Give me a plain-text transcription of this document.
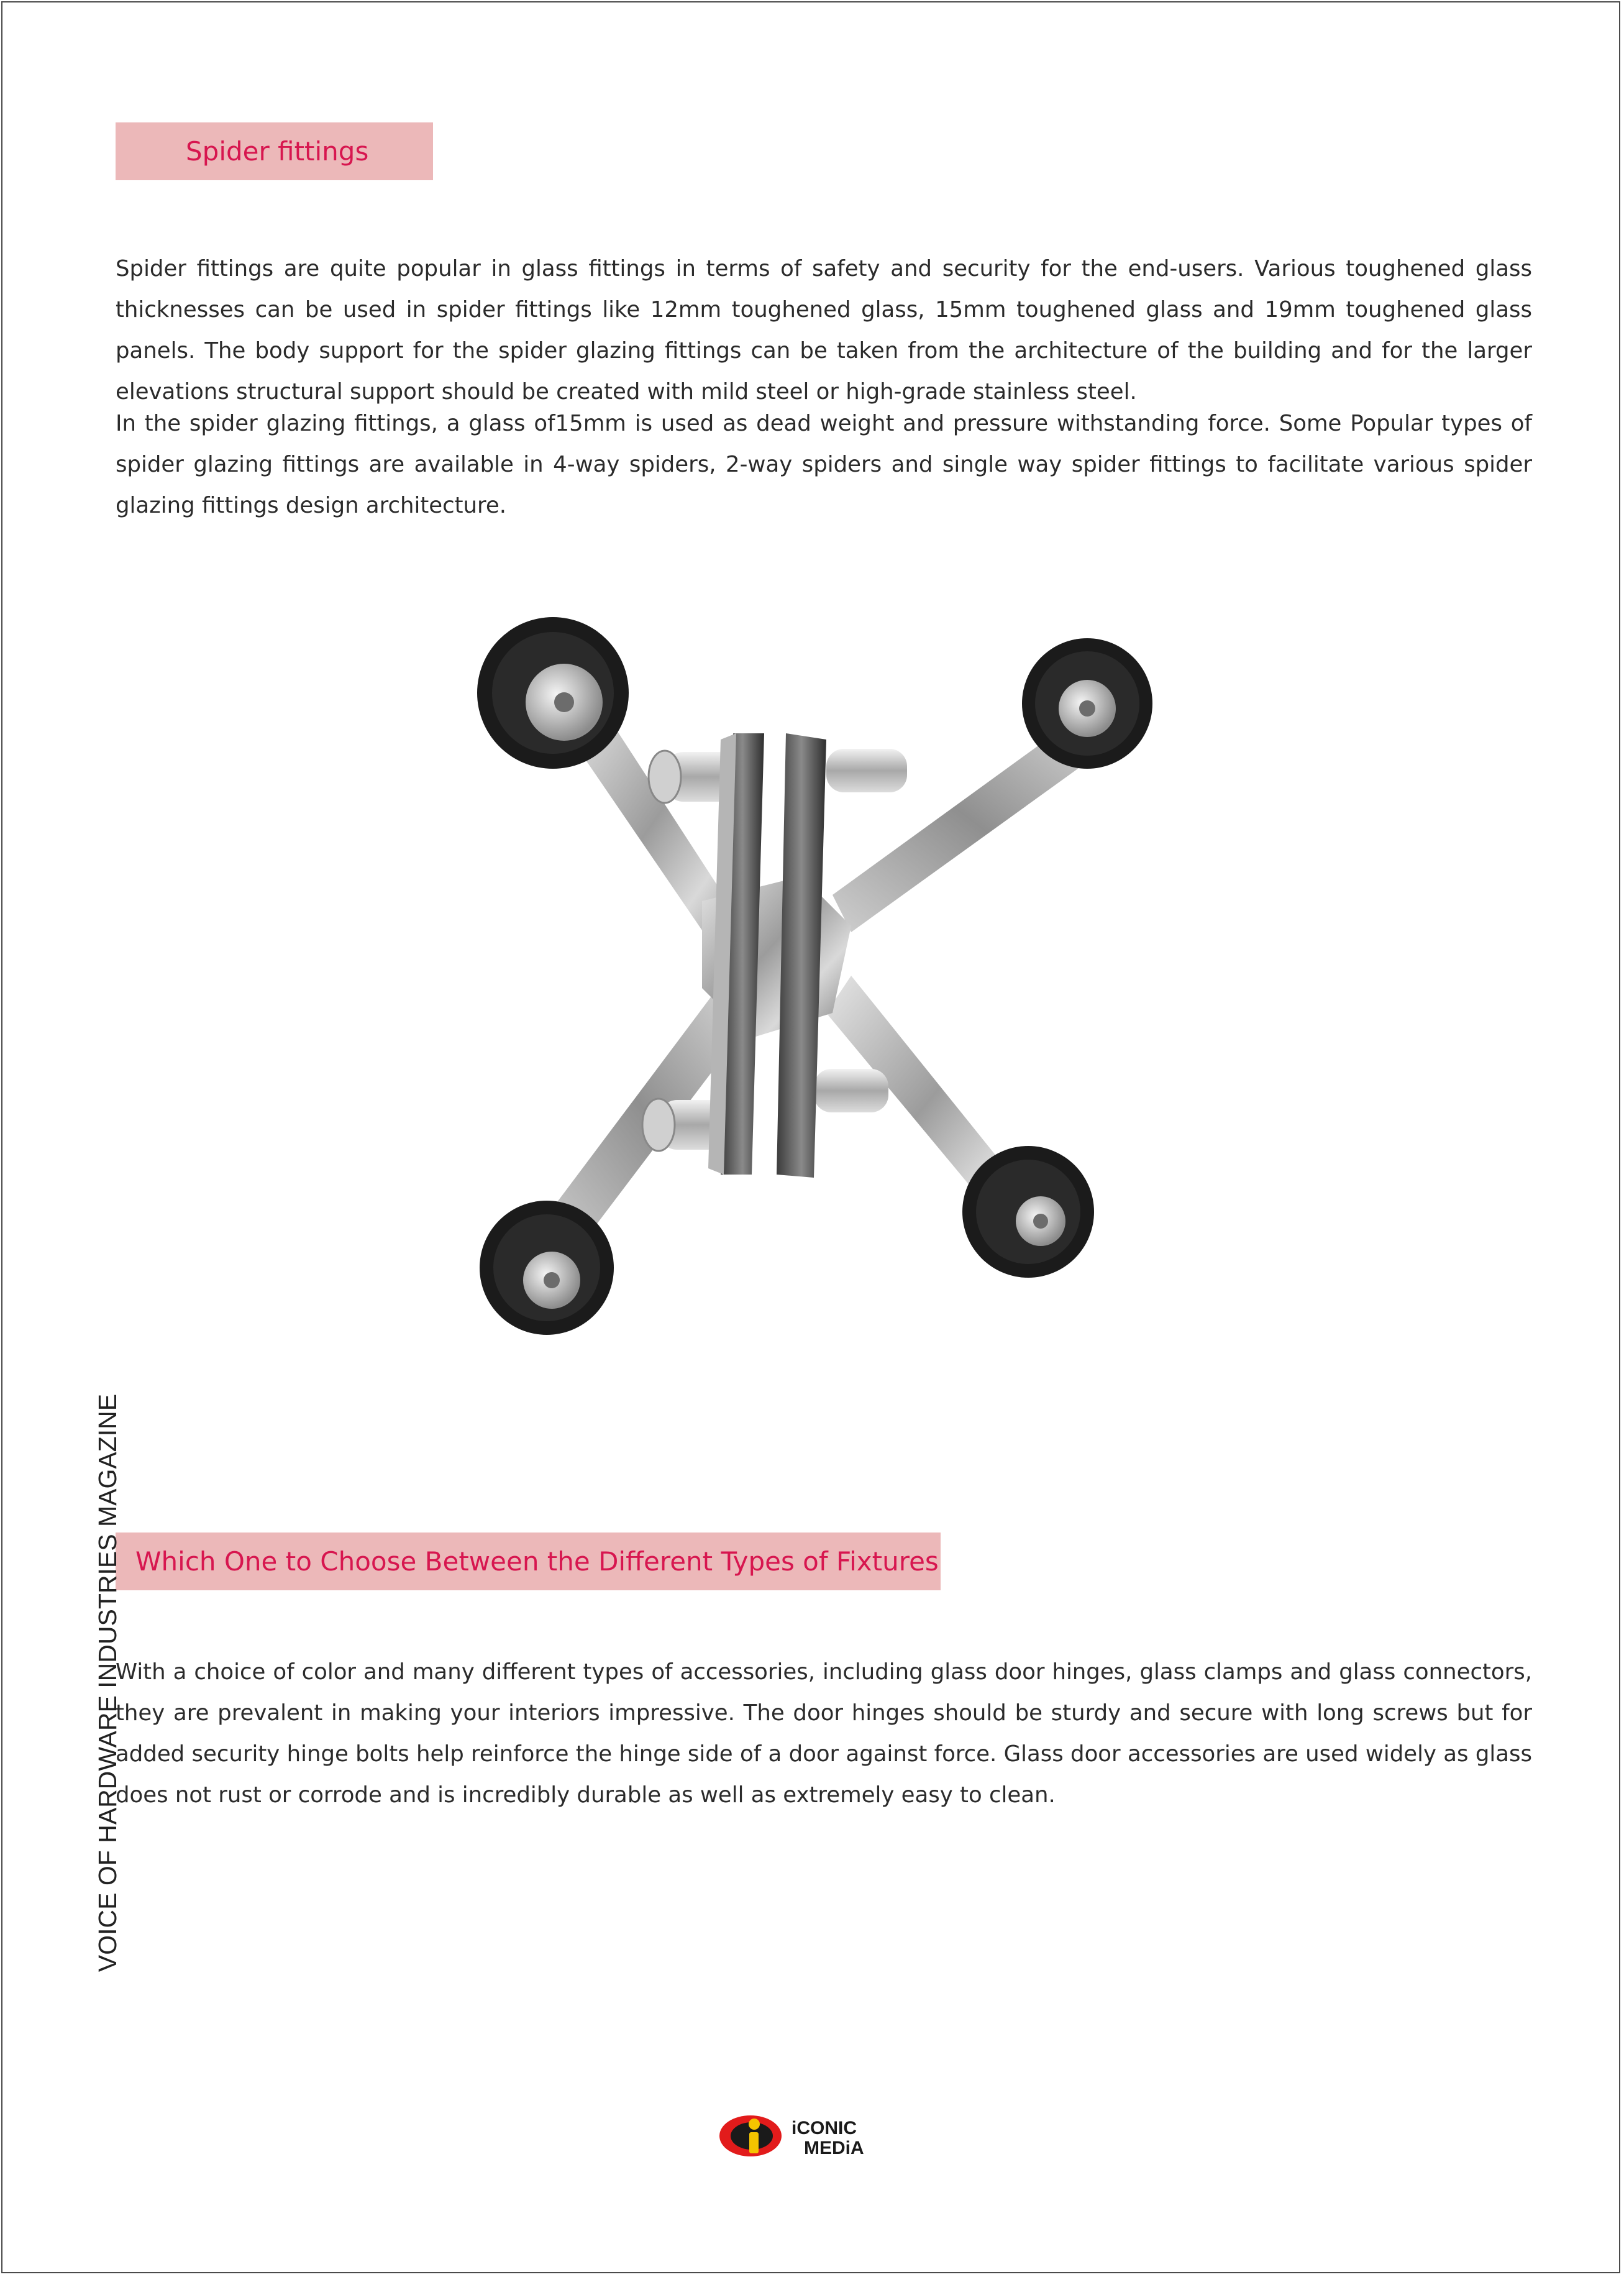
Spider fittings

Spider fittings are quite popular in glass fittings in terms of safety and security for the end-users. Various toughened glass thicknesses can be used in spider fittings like 12mm toughened glass, 15mm toughened glass and 19mm toughened glass panels. The body support for the spider glazing fittings can be taken from the architecture of the building and for the larger elevations structural support should be created with mild steel or high-grade stainless steel.

In the spider glazing fittings, a glass of15mm is used as dead weight and pressure withstanding force. Some Popular types of spider glazing fittings are available in 4-way spiders, 2-way spiders and single way spider fittings to facilitate various spider glazing fittings design architecture.

Which One to Choose Between the Different Types of Fixtures

With a choice of color and many different types of accessories, including glass door hinges, glass clamps and glass connectors, they are prevalent in making your interiors impressive. The door hinges should be sturdy and secure with long screws but for added security hinge bolts help reinforce the hinge side of a door against force. Glass door accessories are used widely as glass does not rust or corrode and is incredibly durable as well as extremely easy to clean.

VOICE OF HARDWARE INDUSTRIES MAGAZINE
iCONIC
MEDiA
